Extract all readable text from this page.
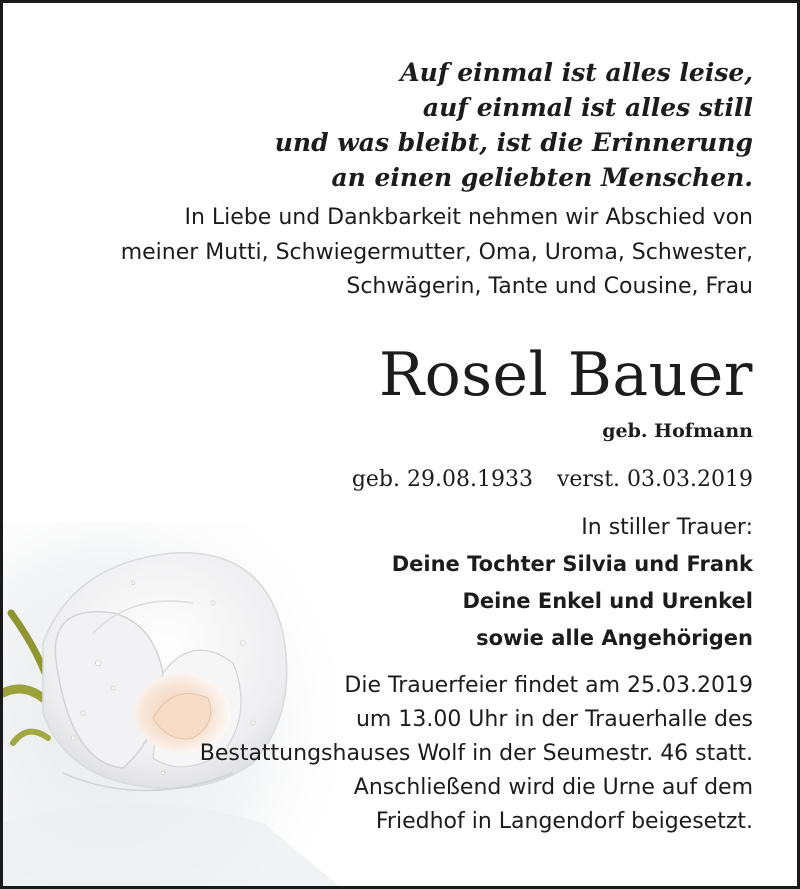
Auf einmal ist alles leise,
auf einmal ist alles still
und was bleibt, ist die Erinnerung
an einen geliebten Menschen.
In Liebe und Dankbarkeit nehmen wir Abschied von
meiner Mutti, Schwiegermutter, Oma, Uroma, Schwester,
Schwägerin, Tante und Cousine, Frau
Rosel Bauer
geb. Hofmann
geb. 29.08.1933 verst. 03.03.2019
In stiller Trauer:
Deine Tochter Silvia und Frank
Deine Enkel und Urenkel
sowie alle Angehörigen
Die Trauerfeier findet am 25.03.2019
um 13.00 Uhr in der Trauerhalle des
Bestattungshauses Wolf in der Seumestr. 46 statt.
Anschließend wird die Urne auf dem
Friedhof in Langendorf beigesetzt.
